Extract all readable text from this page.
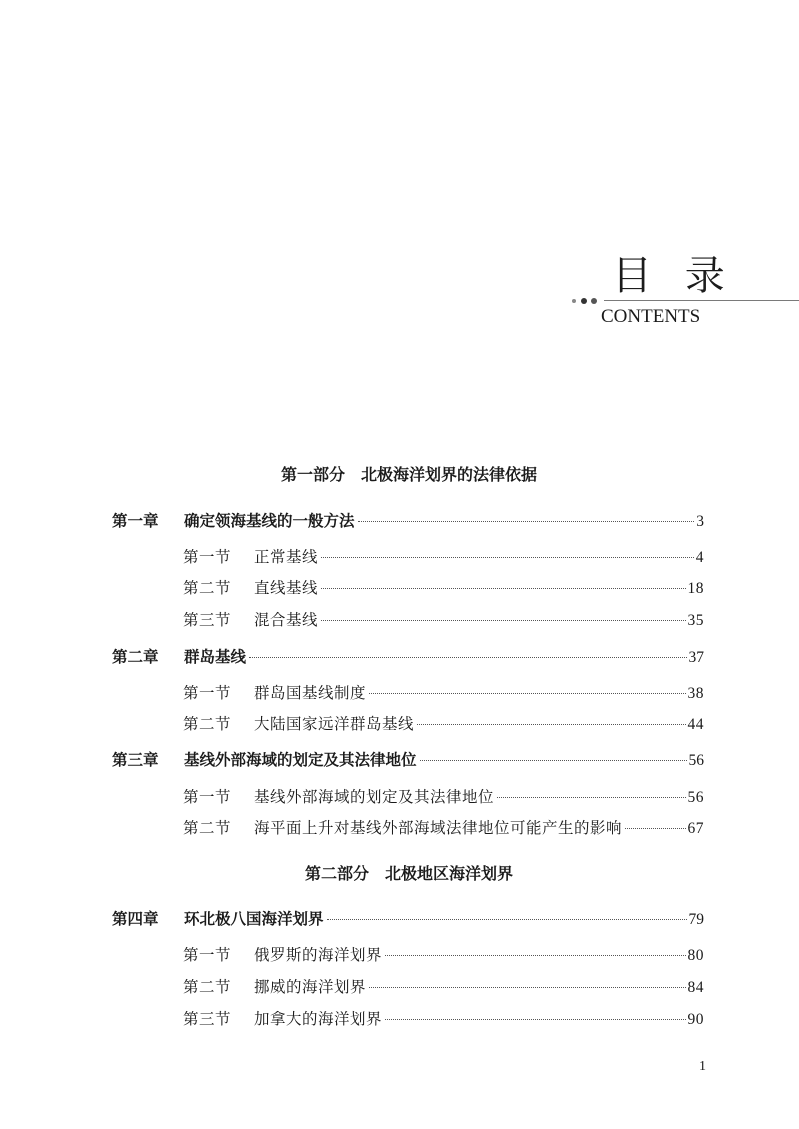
目 录
CONTENTS
第一部分 北极海洋划界的法律依据
第一章	确定领海基线的一般方法	3
第一节	正常基线	4
第二节	直线基线	18
第三节	混合基线	35
第二章	群岛基线	37
第一节	群岛国基线制度	38
第二节	大陆国家远洋群岛基线	44
第三章	基线外部海域的划定及其法律地位	56
第一节	基线外部海域的划定及其法律地位	56
第二节	海平面上升对基线外部海域法律地位可能产生的影响	67
第二部分 北极地区海洋划界
第四章	环北极八国海洋划界	79
第一节	俄罗斯的海洋划界	80
第二节	挪威的海洋划界	84
第三节	加拿大的海洋划界	90
1
